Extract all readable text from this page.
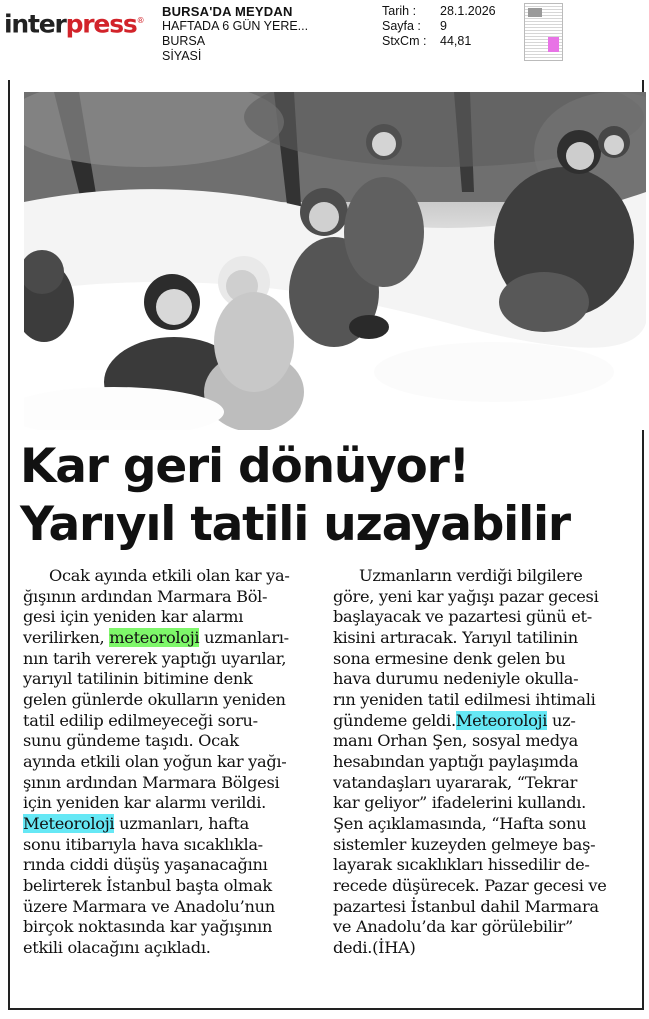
interpress®
BURSA'DA MEYDAN
HAFTADA 6 GÜN YERE...
BURSA
SİYASİ
Tarih :	28.1.2026
Sayfa :	9
StxCm :	44,81
Kar geri dönüyor!
Yarıyıl tatili uzayabilir
Ocak ayında etkili olan kar ya-
ğışının ardından Marmara Böl-
gesi için yeniden kar alarmı
verilirken, meteoroloji uzmanları-
nın tarih vererek yaptığı uyarılar,
yarıyıl tatilinin bitimine denk
gelen günlerde okulların yeniden
tatil edilip edilmeyeceği soru-
sunu gündeme taşıdı. Ocak
ayında etkili olan yoğun kar yağı-
şının ardından Marmara Bölgesi
için yeniden kar alarmı verildi.
Meteoroloji uzmanları, hafta
sonu itibarıyla hava sıcaklıkla-
rında ciddi düşüş yaşanacağını
belirterek İstanbul başta olmak
üzere Marmara ve Anadolu’nun
birçok noktasında kar yağışının
etkili olacağını açıkladı.
Uzmanların verdiği bilgilere
göre, yeni kar yağışı pazar gecesi
başlayacak ve pazartesi günü et-
kisini artıracak. Yarıyıl tatilinin
sona ermesine denk gelen bu
hava durumu nedeniyle okulla-
rın yeniden tatil edilmesi ihtimali
gündeme geldi.Meteoroloji uz-
manı Orhan Şen, sosyal medya
hesabından yaptığı paylaşımda
vatandaşları uyararak, “Tekrar
kar geliyor” ifadelerini kullandı.
Şen açıklamasında, “Hafta sonu
sistemler kuzeyden gelmeye baş-
layarak sıcaklıkları hissedilir de-
recede düşürecek. Pazar gecesi ve
pazartesi İstanbul dahil Marmara
ve Anadolu’da kar görülebilir”
dedi.(İHA)
